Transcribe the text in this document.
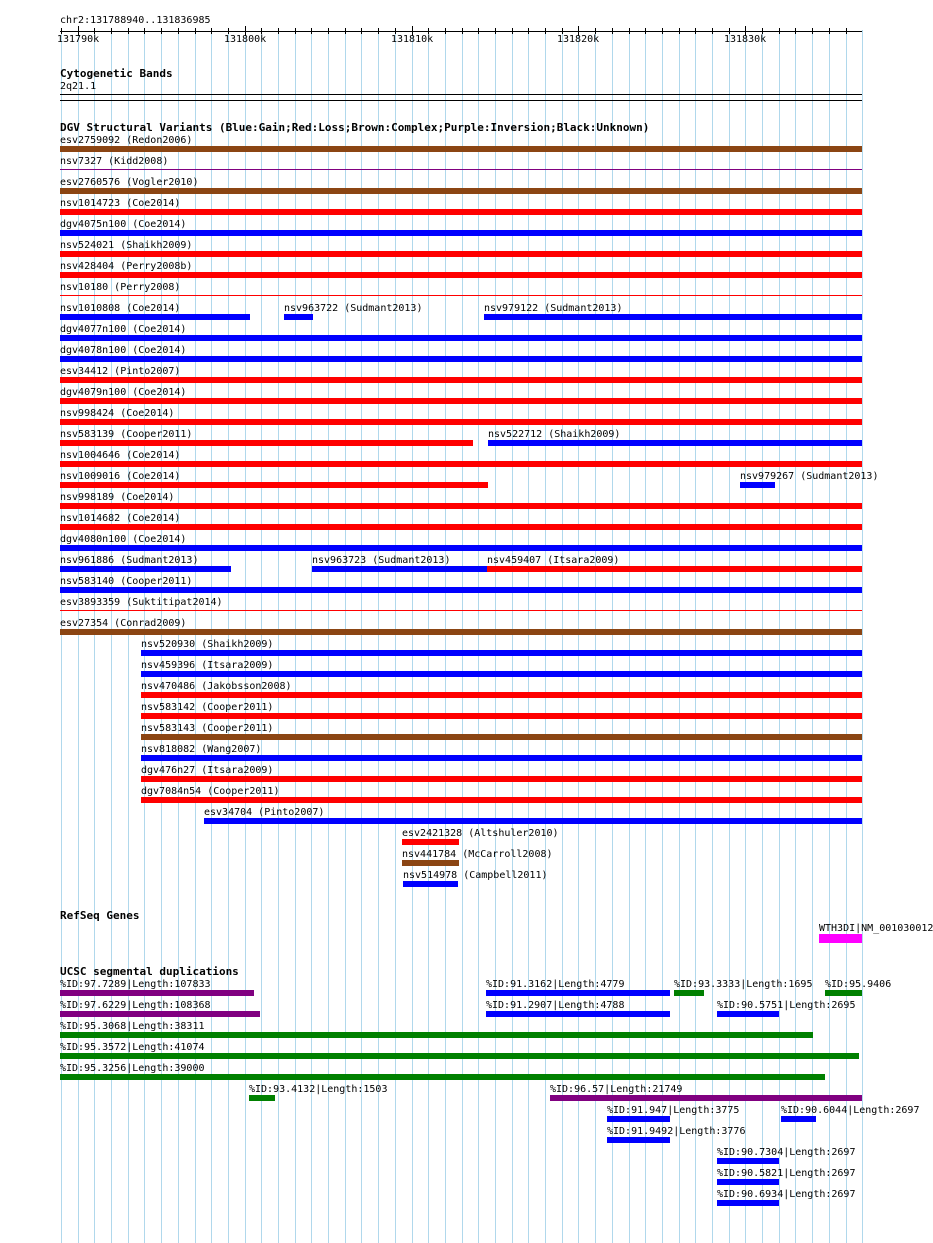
chr2:131788940..131836985
131790k	131800k	131810k	131820k	131830k
Cytogenetic Bands
2q21.1
DGV Structural Variants (Blue:Gain;Red:Loss;Brown:Complex;Purple:Inversion;Black:Unknown)
esv2759092 (Redon2006)
nsv7327 (Kidd2008)
esv2760576 (Vogler2010)
nsv1014723 (Coe2014)
dgv4075n100 (Coe2014)
nsv524021 (Shaikh2009)
nsv428404 (Perry2008b)
nsv10180 (Perry2008)
nsv1010808 (Coe2014)	nsv963722 (Sudmant2013)	nsv979122 (Sudmant2013)
dgv4077n100 (Coe2014)
dgv4078n100 (Coe2014)
esv34412 (Pinto2007)
dgv4079n100 (Coe2014)
nsv998424 (Coe2014)
nsv583139 (Cooper2011)	nsv522712 (Shaikh2009)
nsv1004646 (Coe2014)
nsv1009016 (Coe2014)	nsv979267 (Sudmant2013)
nsv998189 (Coe2014)
nsv1014682 (Coe2014)
dgv4080n100 (Coe2014)
nsv961886 (Sudmant2013)	nsv963723 (Sudmant2013)	nsv459407 (Itsara2009)
nsv583140 (Cooper2011)
esv3893359 (Suktitipat2014)
esv27354 (Conrad2009)
nsv520930 (Shaikh2009)
nsv459396 (Itsara2009)
nsv470486 (Jakobsson2008)
nsv583142 (Cooper2011)
nsv583143 (Cooper2011)
nsv818082 (Wang2007)
dgv476n27 (Itsara2009)
dgv7084n54 (Cooper2011)
esv34704 (Pinto2007)
esv2421328 (Altshuler2010)
nsv441784 (McCarroll2008)
nsv514978 (Campbell2011)
RefSeq Genes
WTH3DI|NM_001030012
UCSC segmental duplications
%ID:97.7289|Length:107833	%ID:91.3162|Length:4779	%ID:93.3333|Length:1695 %ID:95.9406
%ID:97.6229|Length:108368	%ID:91.2907|Length:4788	%ID:90.5751|Length:2695
%ID:95.3068|Length:38311
%ID:95.3572|Length:41074
%ID:95.3256|Length:39000
%ID:93.4132|Length:1503	%ID:96.57|Length:21749
%ID:91.947|Length:3775	%ID:90.6044|Length:2697
%ID:91.9492|Length:3776
%ID:90.7304|Length:2697
%ID:90.5821|Length:2697
%ID:90.6934|Length:2697
